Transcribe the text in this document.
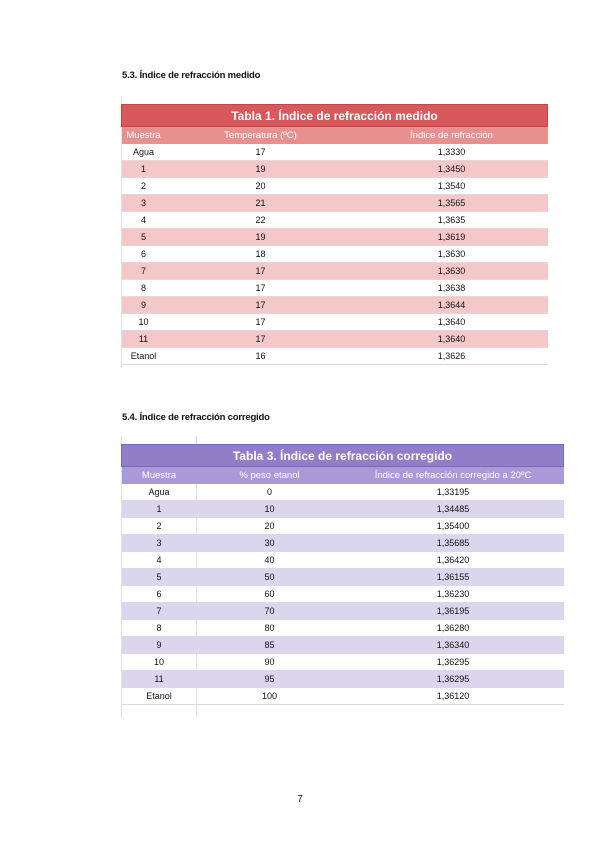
5.3. Índice de refracción medido
Tabla 1. Índice de refracción medido		
Muestra	Temperatura (ºC)	Índice de refracción
Agua	17	1,3330
1	19	1,3450
2	20	1,3540
3	21	1,3565
4	22	1,3635
5	19	1,3619
6	18	1,3630
7	17	1,3630
8	17	1,3638
9	17	1,3644
10	17	1,3640
11	17	1,3640
Etanol	16	1,3626
5.4. Índice de refracción corregido
Tabla 3. Índice de refracción corregido		
Muestra	% peso etanol	Índice de refracción corregido a 20ºC
Agua	0	1,33195
1	10	1,34485
2	20	1,35400
3	30	1,35685
4	40	1,36420
5	50	1,36155
6	60	1,36230
7	70	1,36195
8	80	1,36280
9	85	1,36340
10	90	1,36295
11	95	1,36295
Etanol	100	1,36120
7
